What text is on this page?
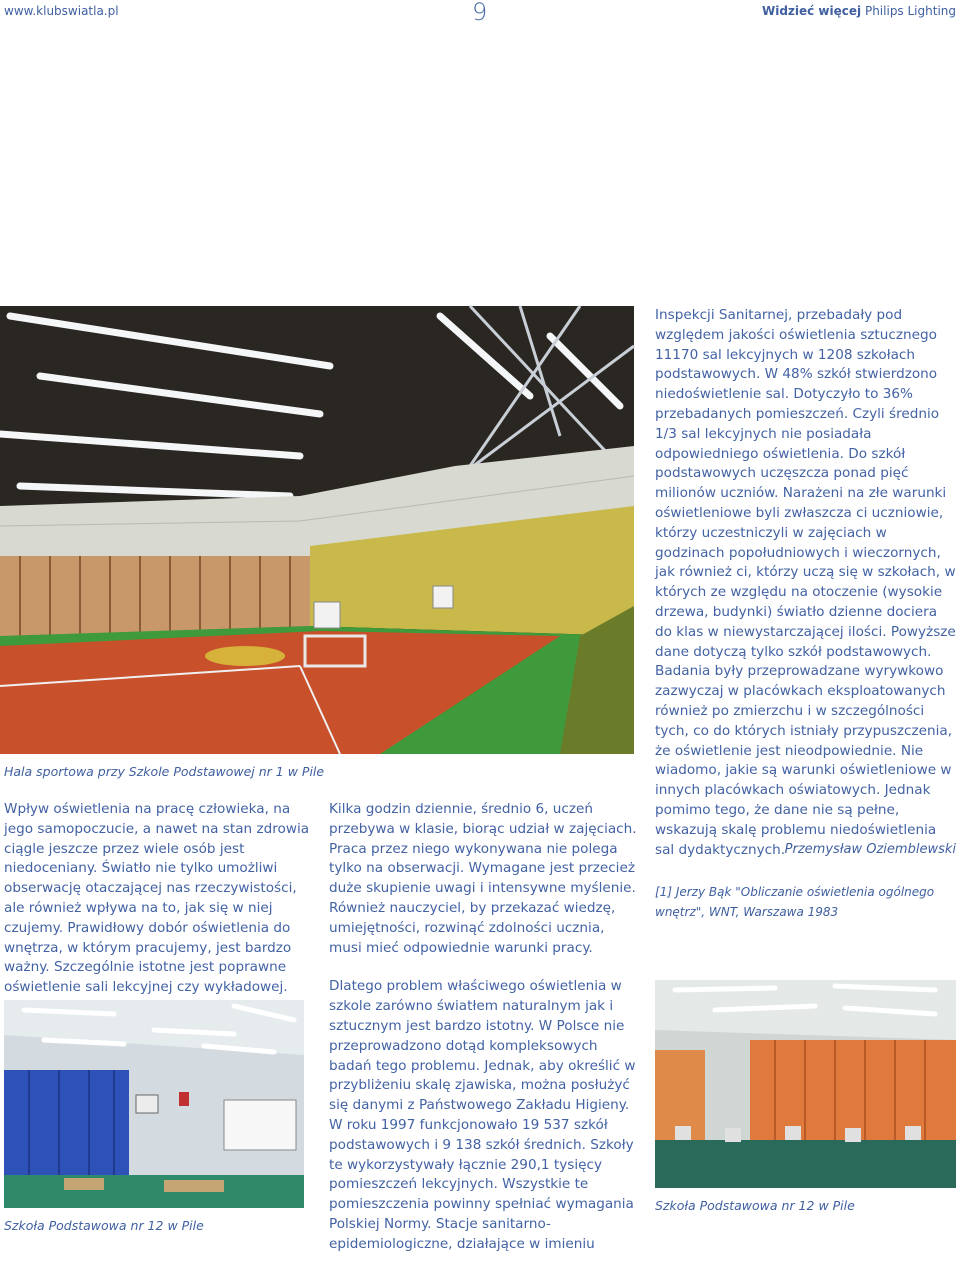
www.klubswiatla.pl	9	Widzieć więcej Philips Lighting
Hala sportowa przy Szkole Podstawowej nr 1 w Pile

Wpływ oświetlenia na pracę człowieka, na jego samopoczucie, a nawet na stan zdrowia ciągle jeszcze przez wiele osób jest niedoceniany. Światło nie tylko umożliwi obserwację otaczającej nas rzeczywistości, ale również wpływa na to, jak się w niej czujemy. Prawidłowy dobór oświetlenia do wnętrza, w którym pracujemy, jest bardzo ważny. Szczególnie istotne jest poprawne oświetlenie sali lekcyjnej czy wykładowej.

Kilka godzin dziennie, średnio 6, uczeń przebywa w klasie, biorąc udział w zajęciach. Praca przez niego wykonywana nie polega tylko na obserwacji. Wymagane jest przecież duże skupienie uwagi i intensywne myślenie. Również nauczyciel, by przekazać wiedzę, umiejętności, rozwinąć zdolności ucznia, musi mieć odpowiednie warunki pracy.

Dlatego problem właściwego oświetlenia w szkole zarówno światłem naturalnym jak i sztucznym jest bardzo istotny. W Polsce nie przeprowadzono dotąd kompleksowych badań tego problemu. Jednak, aby określić w przybliżeniu skalę zjawiska, można posłużyć się danymi z Państwowego Zakładu Higieny. W roku 1997 funkcjonowało 19 537 szkół podstawowych i 9 138 szkół średnich. Szkoły te wykorzystywały łącznie 290,1 tysięcy pomieszczeń lekcyjnych. Wszystkie te pomieszczenia powinny spełniać wymagania Polskiej Normy. Stacje sanitarno-epidemiologiczne, działające w imieniu

Inspekcji Sanitarnej, przebadały pod względem jakości oświetlenia sztucznego 11170 sal lekcyjnych w 1208 szkołach podstawowych. W 48% szkół stwierdzono niedoświetlenie sal. Dotyczyło to 36% przebadanych pomieszczeń. Czyli średnio 1/3 sal lekcyjnych nie posiadała odpowiedniego oświetlenia. Do szkół podstawowych uczęszcza ponad pięć milionów uczniów. Narażeni na złe warunki oświetleniowe byli zwłaszcza ci uczniowie, którzy uczestniczyli w zajęciach w godzinach popołudniowych i wieczornych, jak również ci, którzy uczą się w szkołach, w których ze względu na otoczenie (wysokie drzewa, budynki) światło dzienne dociera do klas w niewystarczającej ilości. Powyższe dane dotyczą tylko szkół podstawowych. Badania były przeprowadzane wyrywkowo zazwyczaj w placówkach eksploatowanych również po zmierzchu i w szczególności tych, co do których istniały przypuszczenia, że oświetlenie jest nieodpowiednie. Nie wiadomo, jakie są warunki oświetleniowe w innych placówkach oświatowych. Jednak pomimo tego, że dane nie są pełne, wskazują skalę problemu niedoświetlenia sal dydaktycznych. Przemysław Oziemblewski
[1] Jerzy Bąk "Obliczanie oświetlenia ogólnego wnętrz", WNT, Warszawa 1983
Szkoła Podstawowa nr 12 w Pile
Szkoła Podstawowa nr 12 w Pile
